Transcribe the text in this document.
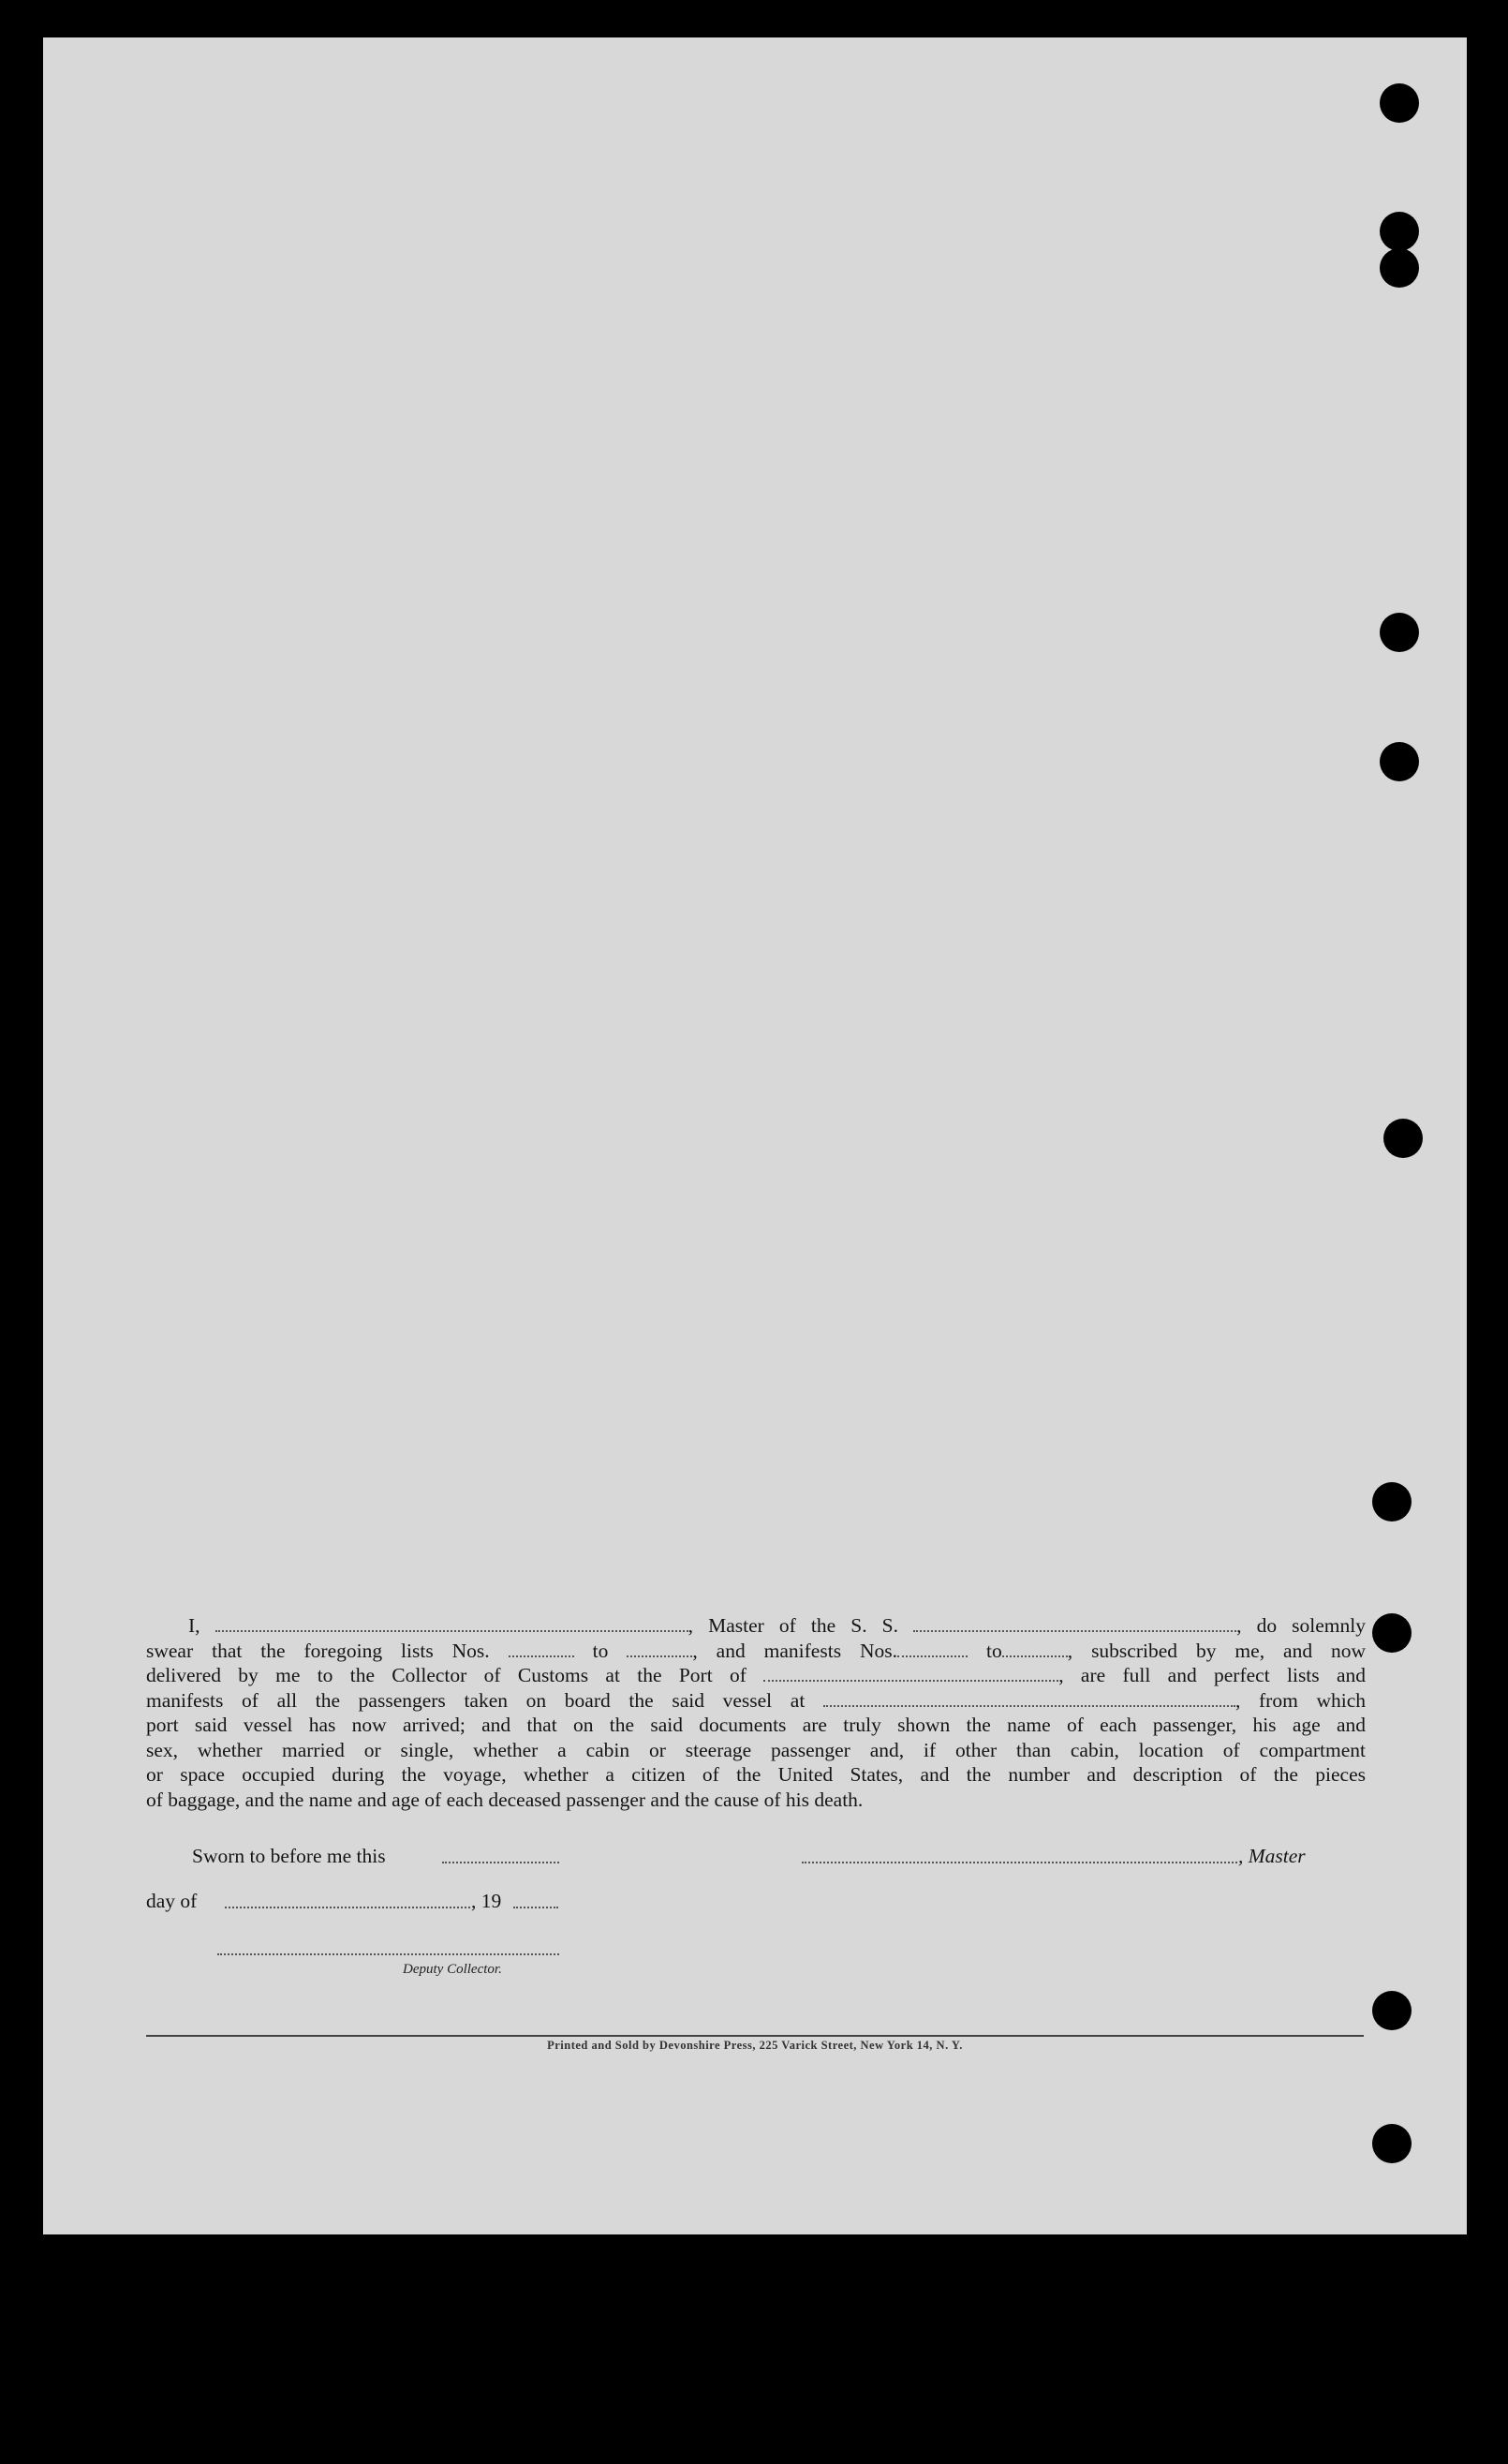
I,	, Master of the S. S.	, do solemnly
swear that the foregoing lists Nos.	to	, and manifests Nos.	to	, subscribed by me, and now
delivered by me to the Collector of Customs at the Port of	, are full and perfect lists and
manifests of all the passengers taken on board the said vessel at	, from which
port said vessel has now arrived; and that on the said documents are truly shown the name of each passenger, his age and
sex, whether married or single, whether a cabin or steerage passenger and, if other than cabin, location of compartment
or space occupied during the voyage, whether a citizen of the United States, and the number and description of the pieces
of baggage, and the name and age of each deceased passenger and the cause of his death.
Sworn to before me this	, Master
day of	, 19
Deputy Collector.
Printed and Sold by Devonshire Press, 225 Varick Street, New York 14, N. Y.
